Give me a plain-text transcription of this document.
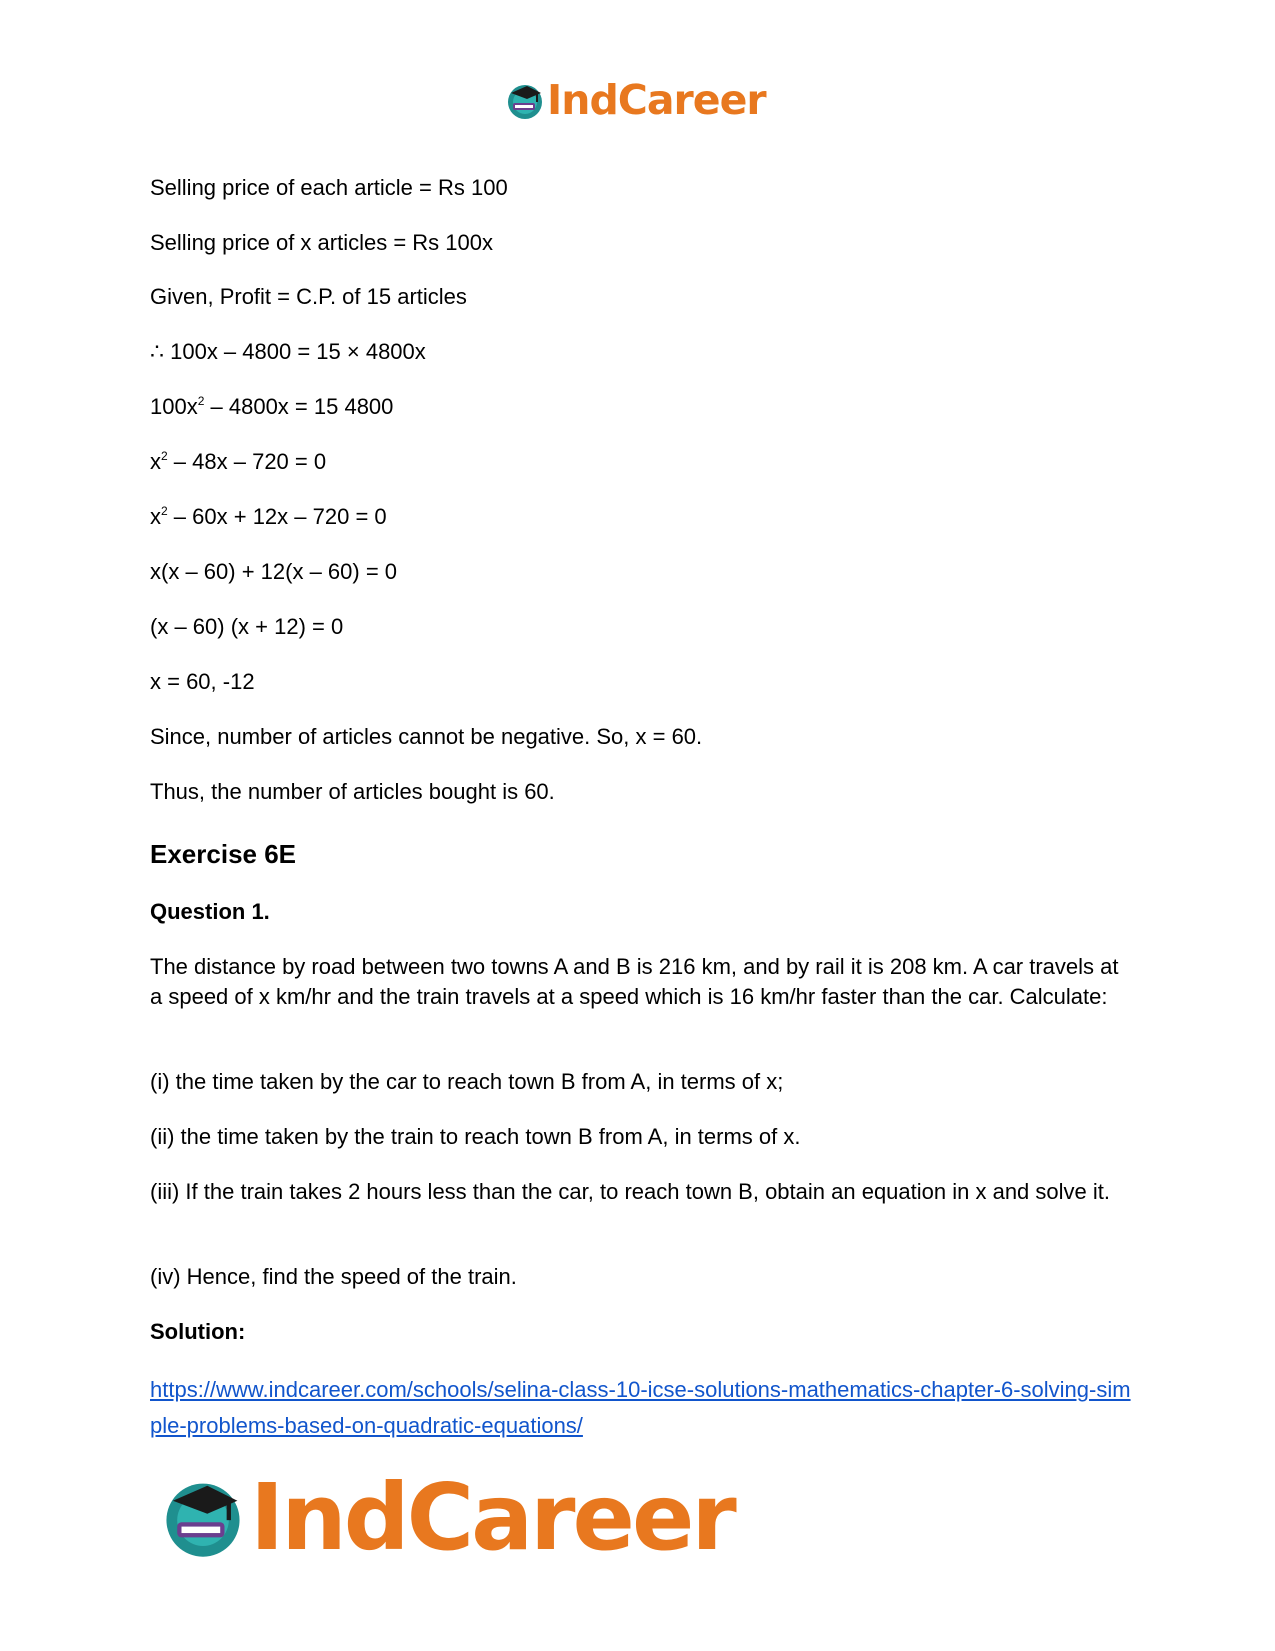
IndCareer
Selling price of each article = Rs 100
Selling price of x articles = Rs 100x
Given, Profit = C.P. of 15 articles
∴ 100x – 4800 = 15 × 4800x
$100x^2 - 4800x = 15$ 4800
$x^2 - 48x - 720 = 0$
$x^2 - 60x + 12x - 720 = 0$
x(x – 60) + 12(x – 60) = 0
(x – 60) (x + 12) = 0
x = 60, -12
Since, number of articles cannot be negative. So, x = 60.
Thus, the number of articles bought is 60.
Exercise 6E
Question 1.
The distance by road between two towns A and B is 216 km, and by rail it is 208 km. A car travels at a speed of x km/hr and the train travels at a speed which is 16 km/hr faster than the car. Calculate:
(i) the time taken by the car to reach town B from A, in terms of x;
(ii) the time taken by the train to reach town B from A, in terms of x.
(iii) If the train takes 2 hours less than the car, to reach town B, obtain an equation in x and solve it.
(iv) Hence, find the speed of the train.
Solution:
https://www.indcareer.com/schools/selina-class-10-icse-solutions-mathematics-chapter-6-solving-simple-problems-based-on-quadratic-equations/
IndCareer
